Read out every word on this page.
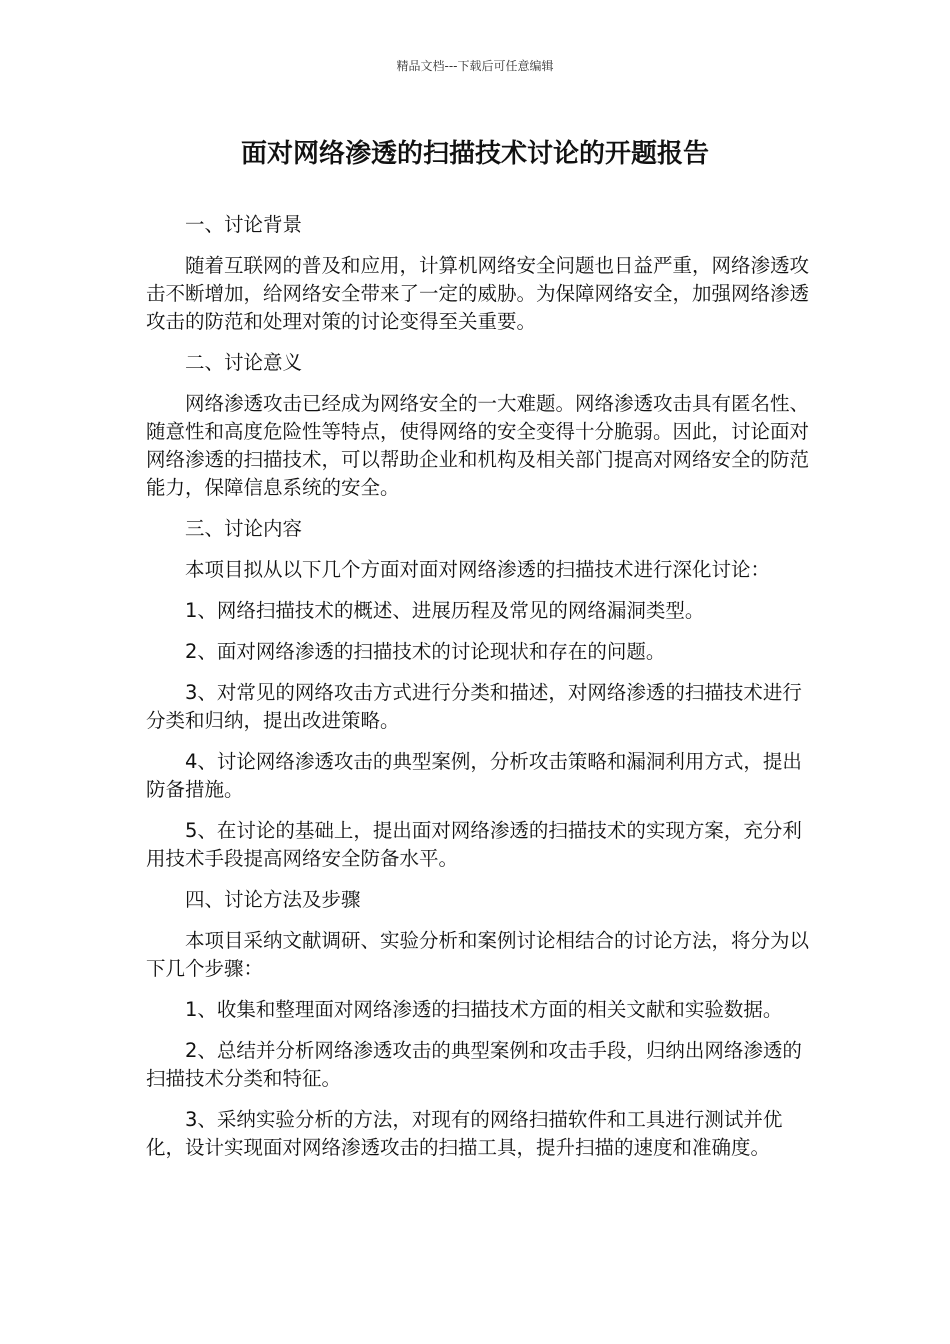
精品文档---下载后可任意编辑
面对网络渗透的扫描技术讨论的开题报告

一、讨论背景

随着互联网的普及和应用，计算机网络安全问题也日益严重，网络渗透攻击不断增加，给网络安全带来了一定的威胁。为保障网络安全，加强网络渗透攻击的防范和处理对策的讨论变得至关重要。

二、讨论意义

网络渗透攻击已经成为网络安全的一大难题。网络渗透攻击具有匿名性、随意性和高度危险性等特点，使得网络的安全变得十分脆弱。因此，讨论面对网络渗透的扫描技术，可以帮助企业和机构及相关部门提高对网络安全的防范能力，保障信息系统的安全。

三、讨论内容

本项目拟从以下几个方面对面对网络渗透的扫描技术进行深化讨论：

1、网络扫描技术的概述、进展历程及常见的网络漏洞类型。

2、面对网络渗透的扫描技术的讨论现状和存在的问题。

3、对常见的网络攻击方式进行分类和描述，对网络渗透的扫描技术进行分类和归纳，提出改进策略。

4、讨论网络渗透攻击的典型案例，分析攻击策略和漏洞利用方式，提出防备措施。

5、在讨论的基础上，提出面对网络渗透的扫描技术的实现方案，充分利用技术手段提高网络安全防备水平。

四、讨论方法及步骤

本项目采纳文献调研、实验分析和案例讨论相结合的讨论方法，将分为以下几个步骤：

1、收集和整理面对网络渗透的扫描技术方面的相关文献和实验数据。

2、总结并分析网络渗透攻击的典型案例和攻击手段，归纳出网络渗透的扫描技术分类和特征。

3、采纳实验分析的方法，对现有的网络扫描软件和工具进行测试并优化，设计实现面对网络渗透攻击的扫描工具，提升扫描的速度和准确度。
